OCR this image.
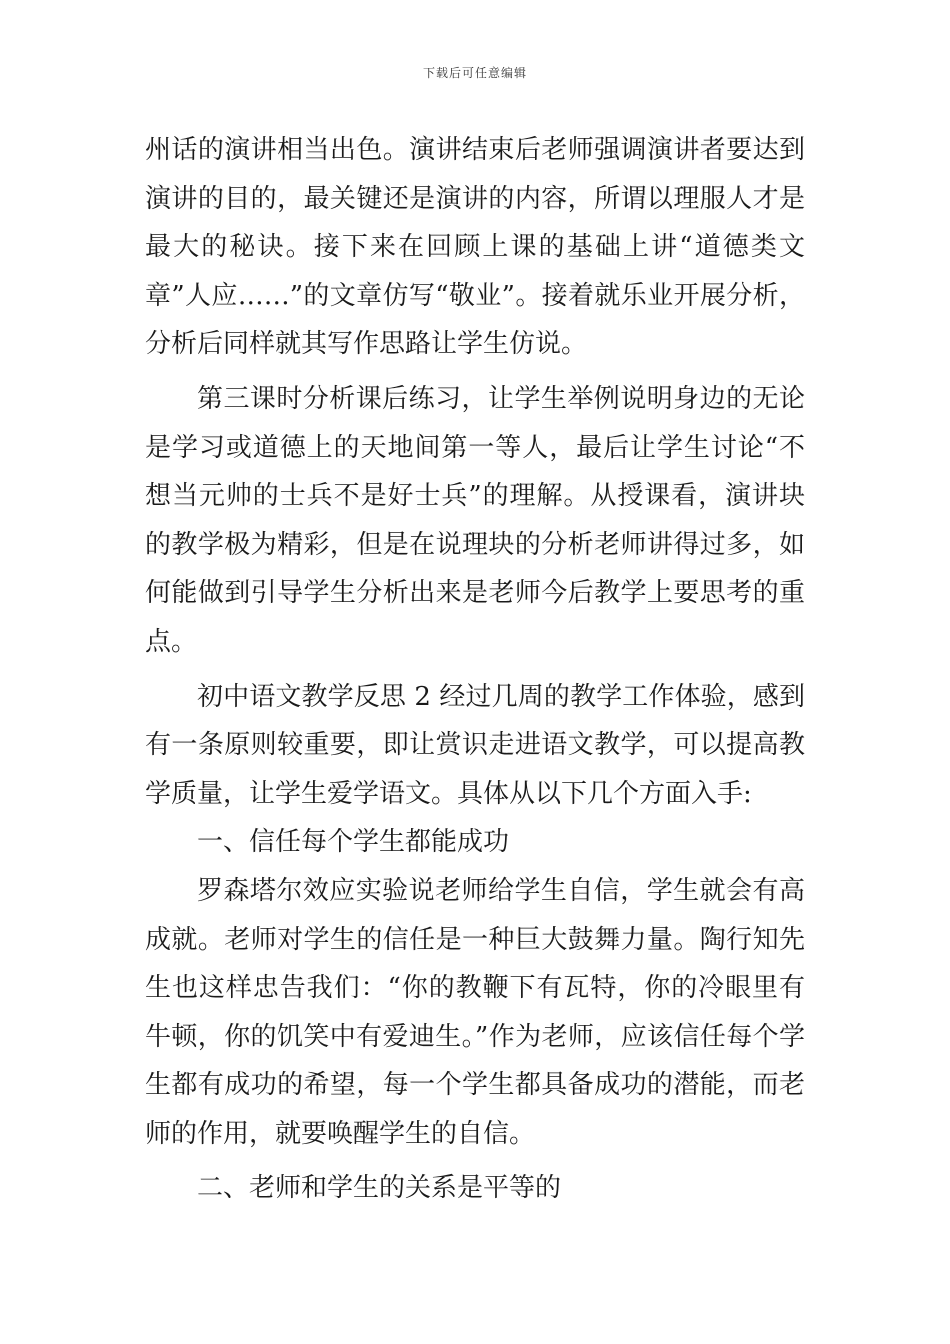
下载后可任意编辑

州话的演讲相当出色。演讲结束后老师强调演讲者要达到演讲的目的，最关键还是演讲的内容，所谓以理服人才是最大的秘诀。接下来在回顾上课的基础上讲“道德类文章”人应……”的文章仿写“敬业”。接着就乐业开展分析，分析后同样就其写作思路让学生仿说。

第三课时分析课后练习，让学生举例说明身边的无论是学习或道德上的天地间第一等人，最后让学生讨论“不想当元帅的士兵不是好士兵”的理解。从授课看，演讲块的教学极为精彩，但是在说理块的分析老师讲得过多，如何能做到引导学生分析出来是老师今后教学上要思考的重点。

初中语文教学反思 2 经过几周的教学工作体验，感到有一条原则较重要，即让赏识走进语文教学，可以提高教学质量，让学生爱学语文。具体从以下几个方面入手:

一、信任每个学生都能成功

罗森塔尔效应实验说老师给学生自信，学生就会有高成就。老师对学生的信任是一种巨大鼓舞力量。陶行知先生也这样忠告我们：“你的教鞭下有瓦特，你的冷眼里有牛顿，你的饥笑中有爱迪生。”作为老师，应该信任每个学生都有成功的希望，每一个学生都具备成功的潜能，而老师的作用，就要唤醒学生的自信。

二、老师和学生的关系是平等的
